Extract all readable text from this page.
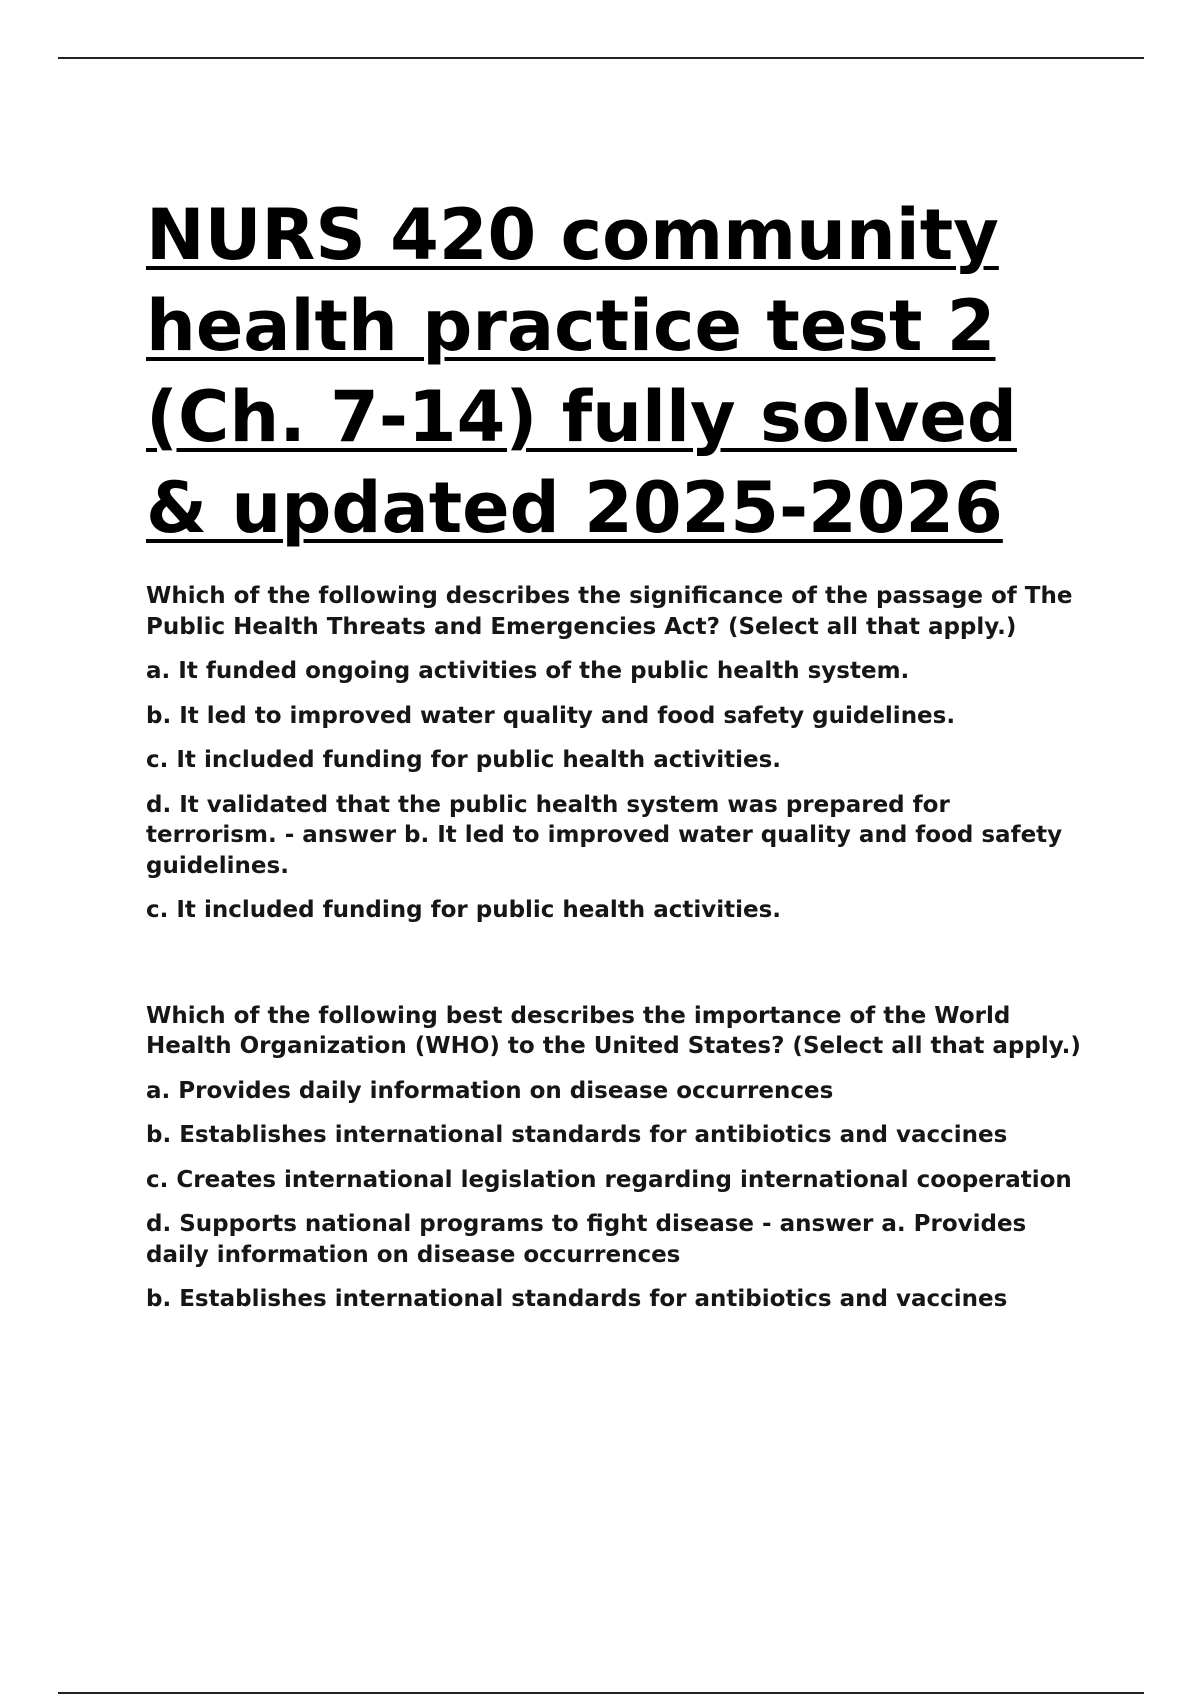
NURS 420 community health practice test 2 (Ch. 7-14) fully solved & updated 2025-2026

Which of the following describes the significance of the passage of The Public Health Threats and Emergencies Act? (Select all that apply.)

a. It funded ongoing activities of the public health system.

b. It led to improved water quality and food safety guidelines.

c. It included funding for public health activities.

d. It validated that the public health system was prepared for terrorism. - answer b. It led to improved water quality and food safety guidelines.

c. It included funding for public health activities.

Which of the following best describes the importance of the World Health Organization (WHO) to the United States? (Select all that apply.)

a. Provides daily information on disease occurrences

b. Establishes international standards for antibiotics and vaccines

c. Creates international legislation regarding international cooperation

d. Supports national programs to fight disease - answer a. Provides daily information on disease occurrences

b. Establishes international standards for antibiotics and vaccines
